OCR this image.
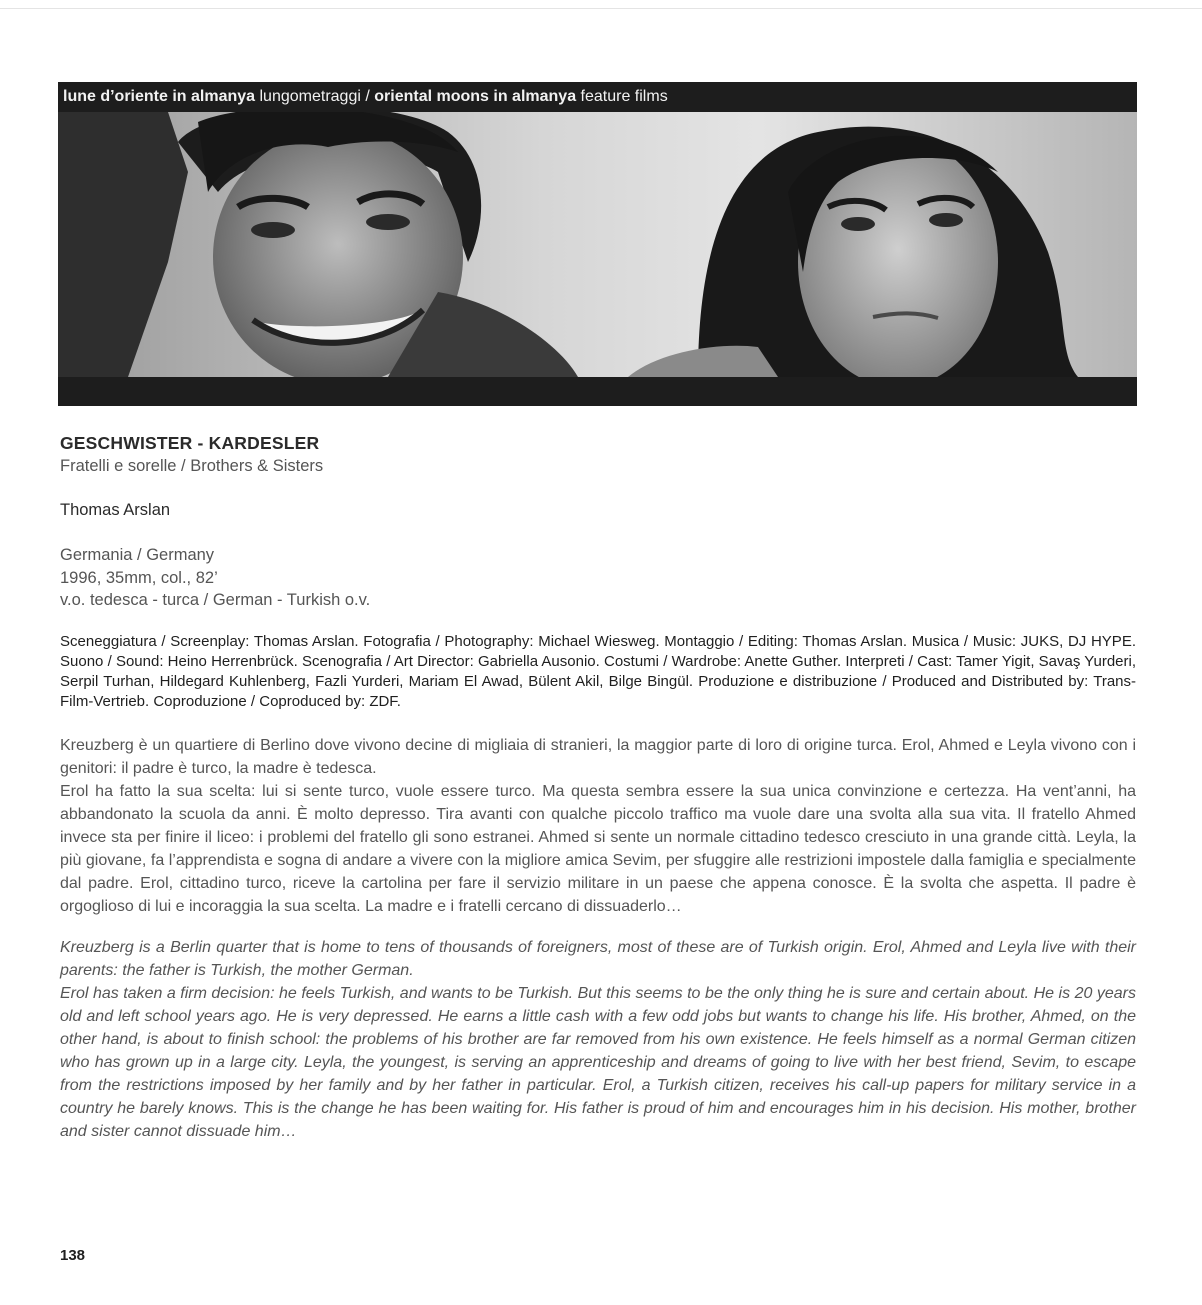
lune d’oriente in almanya lungometraggi / oriental moons in almanya feature films
GESCHWISTER - KARDESLER
Fratelli e sorelle / Brothers & Sisters
Thomas Arslan
Germania / Germany
1996, 35mm, col., 82’
v.o. tedesca - turca / German - Turkish o.v.
Sceneggiatura / Screenplay: Thomas Arslan. Fotografia / Photography: Michael Wiesweg. Montaggio / Editing: Thomas Arslan. Musica / Music: JUKS, DJ HYPE. Suono / Sound: Heino Herrenbrück. Scenografia / Art Director: Gabriella Ausonio. Costumi / Wardrobe: Anette Guther. Interpreti / Cast: Tamer Yigit, Savaş Yurderi, Serpil Turhan, Hildegard Kuhlenberg, Fazli Yurderi, Mariam El Awad, Bülent Akil, Bilge Bingül. Produzione e distribuzione / Produced and Distributed by: Trans-Film-Vertrieb. Coproduzione / Coproduced by: ZDF.

Kreuzberg è un quartiere di Berlino dove vivono decine di migliaia di stranieri, la maggior parte di loro di origine turca. Erol, Ahmed e Leyla vivono con i genitori: il padre è turco, la madre è tedesca.

Erol ha fatto la sua scelta: lui si sente turco, vuole essere turco. Ma questa sembra essere la sua unica convinzione e certezza. Ha vent’anni, ha abbandonato la scuola da anni. È molto depresso. Tira avanti con qualche piccolo traffico ma vuole dare una svolta alla sua vita. Il fratello Ahmed invece sta per finire il liceo: i problemi del fratello gli sono estranei. Ahmed si sente un normale cittadino tedesco cresciuto in una grande città. Leyla, la più giovane, fa l’apprendista e sogna di andare a vivere con la migliore amica Sevim, per sfuggire alle restrizioni impostele dalla famiglia e specialmente dal padre. Erol, cittadino turco, riceve la cartolina per fare il servizio militare in un paese che appena conosce. È la svolta che aspetta. Il padre è orgoglioso di lui e incoraggia la sua scelta. La madre e i fratelli cercano di dissuaderlo…

Kreuzberg is a Berlin quarter that is home to tens of thousands of foreigners, most of these are of Turkish origin. Erol, Ahmed and Leyla live with their parents: the father is Turkish, the mother German.

Erol has taken a firm decision: he feels Turkish, and wants to be Turkish. But this seems to be the only thing he is sure and certain about. He is 20 years old and left school years ago. He is very depressed. He earns a little cash with a few odd jobs but wants to change his life. His brother, Ahmed, on the other hand, is about to finish school: the problems of his brother are far removed from his own existence. He feels himself as a normal German citizen who has grown up in a large city. Leyla, the youngest, is serving an apprenticeship and dreams of going to live with her best friend, Sevim, to escape from the restrictions imposed by her family and by her father in particular. Erol, a Turkish citizen, receives his call-up papers for military service in a country he barely knows. This is the change he has been waiting for. His father is proud of him and encourages him in his decision. His mother, brother and sister cannot dissuade him…

138
